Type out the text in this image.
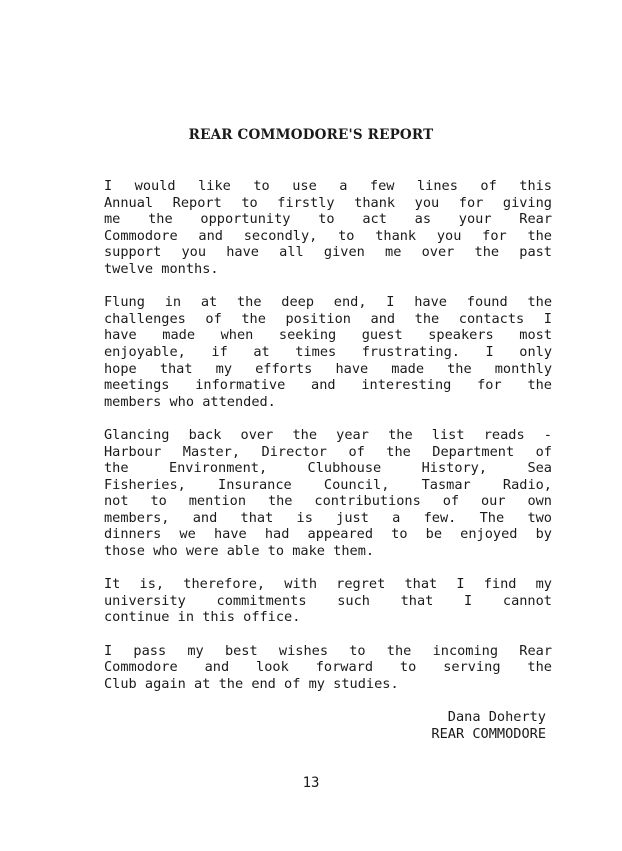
REAR COMMODORE'S REPORT

I would like to use a few lines of this
Annual Report to firstly thank you for giving
me the opportunity to act as your Rear
Commodore and secondly, to thank you for the
support you have all given me over the past
twelve months.

Flung in at the deep end, I have found the
challenges of the position and the contacts I
have made when seeking guest speakers most
enjoyable, if at times frustrating. I only
hope that my efforts have made the monthly
meetings informative and interesting for the
members who attended.

Glancing back over the year the list reads -
Harbour Master, Director of the Department of
the Environment, Clubhouse History, Sea
Fisheries, Insurance Council, Tasmar Radio,
not to mention the contributions of our own
members, and that is just a few. The two
dinners we have had appeared to be enjoyed by
those who were able to make them.

It is, therefore, with regret that I find my
university commitments such that I cannot
continue in this office.

I pass my best wishes to the incoming Rear
Commodore and look forward to serving the
Club again at the end of my studies.

Dana Doherty
REAR COMMODORE
13
